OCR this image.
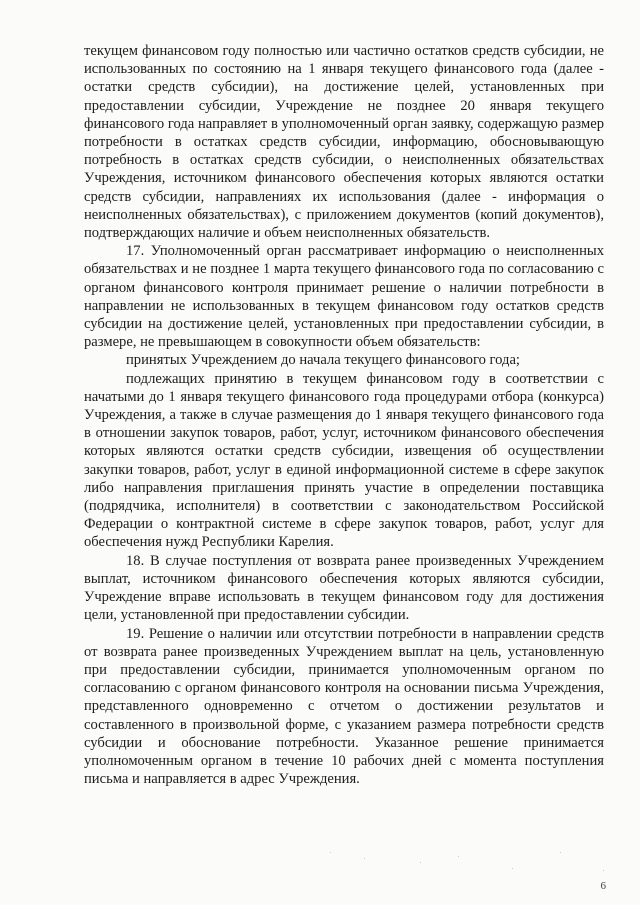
текущем финансовом году полностью или частично остатков средств субсидии, не использованных по состоянию на 1 января текущего финансового года (далее - остатки средств субсидии), на достижение целей, установленных при предоставлении субсидии, Учреждение не позднее 20 января текущего финансового года направляет в уполномоченный орган заявку, содержащую размер потребности в остатках средств субсидии, информацию, обосновывающую потребность в остатках средств субсидии, о неисполненных обязательствах Учреждения, источником финансового обеспечения которых являются остатки средств субсидии, направлениях их использования (далее - информация о неисполненных обязательствах), с приложением документов (копий документов), подтверждающих наличие и объем неисполненных обязательств.

17. Уполномоченный орган рассматривает информацию о неисполненных обязательствах и не позднее 1 марта текущего финансового года по согласованию с органом финансового контроля принимает решение о наличии потребности в направлении не использованных в текущем финансовом году остатков средств субсидии на достижение целей, установленных при предоставлении субсидии, в размере, не превышающем в совокупности объем обязательств:

принятых Учреждением до начала текущего финансового года;

подлежащих принятию в текущем финансовом году в соответствии с начатыми до 1 января текущего финансового года процедурами отбора (конкурса) Учреждения, а также в случае размещения до 1 января текущего финансового года в отношении закупок товаров, работ, услуг, источником финансового обеспечения которых являются остатки средств субсидии, извещения об осуществлении закупки товаров, работ, услуг в единой информационной системе в сфере закупок либо направления приглашения принять участие в определении поставщика (подрядчика, исполнителя) в соответствии с законодательством Российской Федерации о контрактной системе в сфере закупок товаров, работ, услуг для обеспечения нужд Республики Карелия.

18. В случае поступления от возврата ранее произведенных Учреждением выплат, источником финансового обеспечения которых являются субсидии, Учреждение вправе использовать в текущем финансовом году для достижения цели, установленной при предоставлении субсидии.

19. Решение о наличии или отсутствии потребности в направлении средств от возврата ранее произведенных Учреждением выплат на цель, установленную при предоставлении субсидии, принимается уполномоченным органом по согласованию с органом финансового контроля на основании письма Учреждения, представленного одновременно с отчетом о достижении результатов и составленного в произвольной форме, с указанием размера потребности средств субсидии и обоснование потребности. Указанное решение принимается уполномоченным органом в течение 10 рабочих дней с момента поступления письма и направляется в адрес Учреждения.

6
